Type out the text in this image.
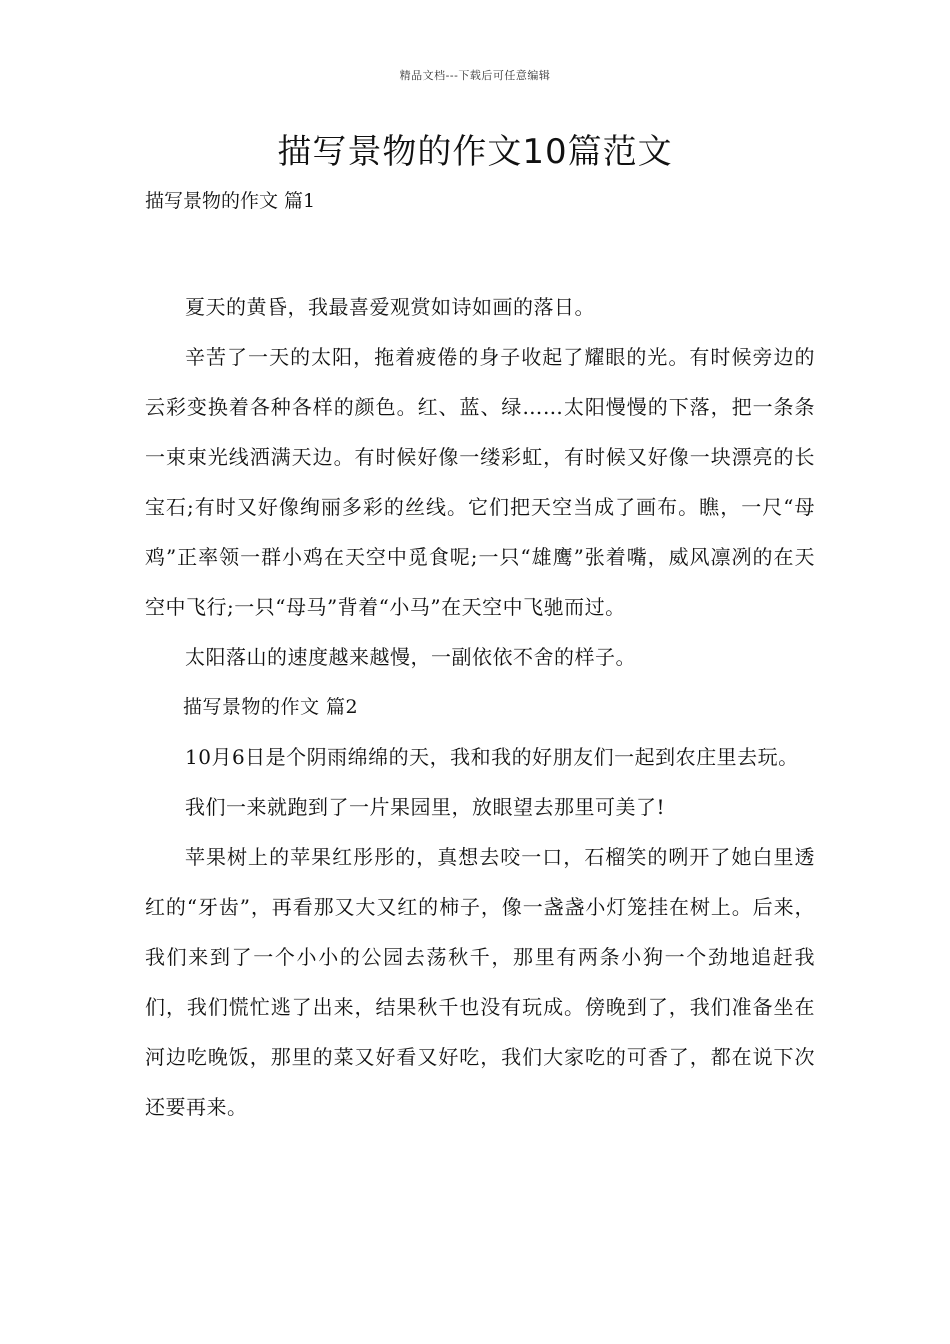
精品文档---下载后可任意编辑
描写景物的作文10篇范文
描写景物的作文 篇1

夏天的黄昏，我最喜爱观赏如诗如画的落日。

辛苦了一天的太阳，拖着疲倦的身子收起了耀眼的光。有时候旁边的云彩变换着各种各样的颜色。红、蓝、绿……太阳慢慢的下落，把一条条一束束光线洒满天边。有时候好像一缕彩虹，有时候又好像一块漂亮的长宝石;有时又好像绚丽多彩的丝线。它们把天空当成了画布。瞧，一尺“母鸡”正率领一群小鸡在天空中觅食呢;一只“雄鹰”张着嘴，威风凛冽的在天空中飞行;一只“母马”背着“小马”在天空中飞驰而过。

太阳落山的速度越来越慢，一副依依不舍的样子。

描写景物的作文 篇2

10月6日是个阴雨绵绵的天，我和我的好朋友们一起到农庄里去玩。

我们一来就跑到了一片果园里，放眼望去那里可美了!

苹果树上的苹果红彤彤的，真想去咬一口，石榴笑的咧开了她白里透红的“牙齿”，再看那又大又红的柿子，像一盏盏小灯笼挂在树上。后来，我们来到了一个小小的公园去荡秋千，那里有两条小狗一个劲地追赶我们，我们慌忙逃了出来，结果秋千也没有玩成。傍晚到了，我们准备坐在河边吃晚饭，那里的菜又好看又好吃，我们大家吃的可香了，都在说下次还要再来。
